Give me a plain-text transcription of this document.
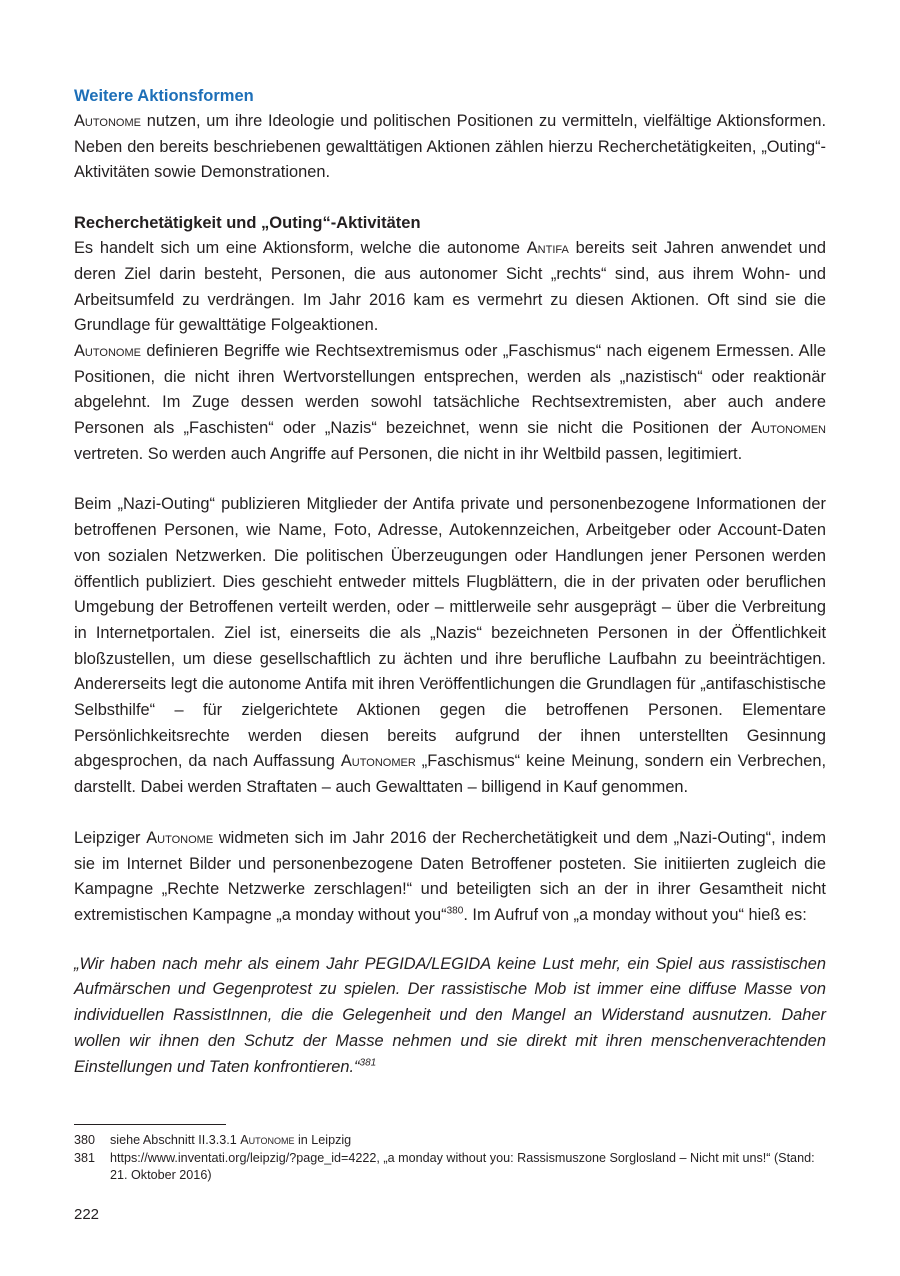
Weitere Aktionsformen

Autonome nutzen, um ihre Ideologie und politischen Positionen zu vermitteln, vielfältige Aktionsformen. Neben den bereits beschriebenen gewalttätigen Aktionen zählen hierzu Recherchetätigkeiten, „Outing“-Aktivitäten sowie Demonstrationen.

Recherchetätigkeit und „Outing“-Aktivitäten

Es handelt sich um eine Aktionsform, welche die autonome Antifa bereits seit Jahren anwendet und deren Ziel darin besteht, Personen, die aus autonomer Sicht „rechts“ sind, aus ihrem Wohn- und Arbeitsumfeld zu verdrängen. Im Jahr 2016 kam es vermehrt zu diesen Aktionen. Oft sind sie die Grundlage für gewalttätige Folgeaktionen.

Autonome definieren Begriffe wie Rechtsextremismus oder „Faschismus“ nach eigenem Ermessen. Alle Positionen, die nicht ihren Wertvorstellungen entsprechen, werden als „nazistisch“ oder reaktionär abgelehnt. Im Zuge dessen werden sowohl tatsächliche Rechtsextremisten, aber auch andere Personen als „Faschisten“ oder „Nazis“ bezeichnet, wenn sie nicht die Positionen der Autonomen vertreten. So werden auch Angriffe auf Personen, die nicht in ihr Weltbild passen, legitimiert.

Beim „Nazi-Outing“ publizieren Mitglieder der Antifa private und personenbezogene Informationen der betroffenen Personen, wie Name, Foto, Adresse, Autokennzeichen, Arbeitgeber oder Account-Daten von sozialen Netzwerken. Die politischen Überzeugungen oder Handlungen jener Personen werden öffentlich publiziert. Dies geschieht entweder mittels Flugblättern, die in der privaten oder beruflichen Umgebung der Betroffenen verteilt werden, oder – mittlerweile sehr ausgeprägt – über die Verbreitung in Internetportalen. Ziel ist, einerseits die als „Nazis“ bezeichneten Personen in der Öffentlichkeit bloßzustellen, um diese gesellschaftlich zu ächten und ihre berufliche Laufbahn zu beeinträchtigen. Andererseits legt die autonome Antifa mit ihren Veröffentlichungen die Grundlagen für „antifaschistische Selbsthilfe“ – für zielgerichtete Aktionen gegen die betroffenen Personen. Elementare Persönlichkeitsrechte werden diesen bereits aufgrund der ihnen unterstellten Gesinnung abgesprochen, da nach Auffassung Autonomer „Faschismus“ keine Meinung, sondern ein Verbrechen, darstellt. Dabei werden Straftaten – auch Gewalttaten – billigend in Kauf genommen.

Leipziger Autonome widmeten sich im Jahr 2016 der Recherchetätigkeit und dem „Nazi-Outing“, indem sie im Internet Bilder und personenbezogene Daten Betroffener posteten. Sie initiierten zugleich die Kampagne „Rechte Netzwerke zerschlagen!“ und beteiligten sich an der in ihrer Gesamtheit nicht extremistischen Kampagne „a monday without you“$^{380}$. Im Aufruf von „a monday without you“ hieß es:

„Wir haben nach mehr als einem Jahr PEGIDA/LEGIDA keine Lust mehr, ein Spiel aus rassistischen Aufmärschen und Gegenprotest zu spielen. Der rassistische Mob ist immer eine diffuse Masse von individuellen RassistInnen, die die Gelegenheit und den Mangel an Widerstand ausnutzen. Daher wollen wir ihnen den Schutz der Masse nehmen und sie direkt mit ihren menschenverachtenden Einstellungen und Taten konfrontieren.“$^{381}$

380	siehe Abschnitt II.3.3.1 Autonome in Leipzig
381	https://www.inventati.org/leipzig/?page_id=4222, „a monday without you: Rassismuszone Sorglosland – Nicht mit uns!“ (Stand: 21. Oktober 2016)
222
